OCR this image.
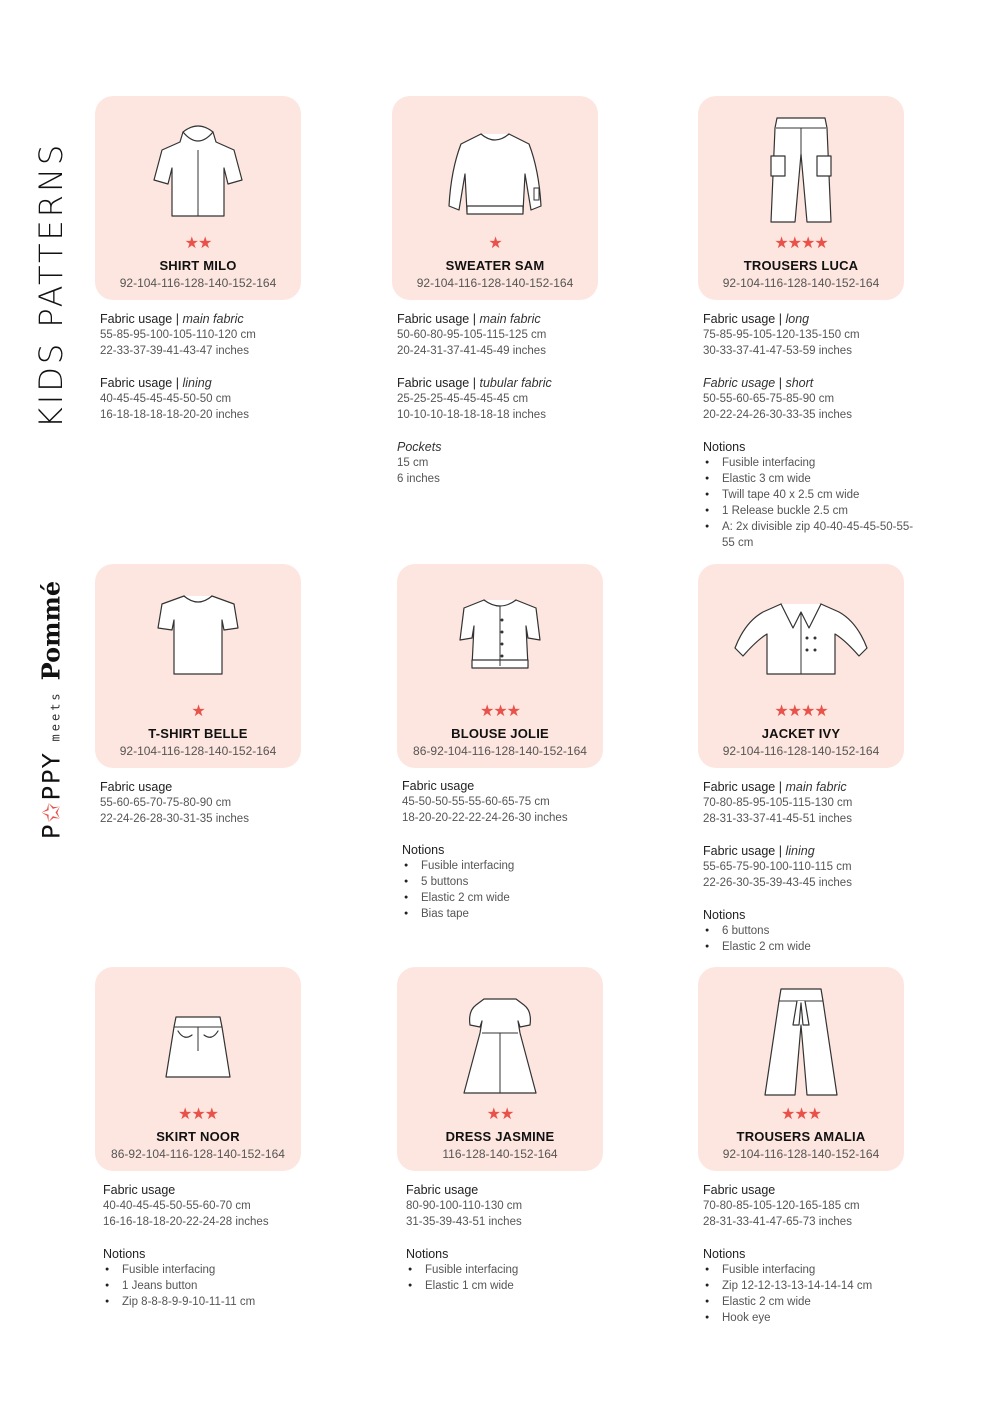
KIDS PATTERNS
P✩PPY
meets
Pommé
★★
SHIRT MILO
92-104-116-128-140-152-164
Fabric usage | main fabric
55-85-95-100-105-110-120 cm
22-33-37-39-41-43-47 inches
Fabric usage | lining
40-45-45-45-45-50-50 cm
16-18-18-18-18-20-20 inches
★
SWEATER SAM
92-104-116-128-140-152-164
Fabric usage | main fabric
50-60-80-95-105-115-125 cm
20-24-31-37-41-45-49 inches
Fabric usage | tubular fabric
25-25-25-45-45-45-45 cm
10-10-10-18-18-18-18 inches
Pockets
15 cm
6 inches
★★★★
TROUSERS LUCA
92-104-116-128-140-152-164
Fabric usage | long
75-85-95-105-120-135-150 cm
30-33-37-41-47-53-59 inches
Fabric usage | short
50-55-60-65-75-85-90 cm
20-22-24-26-30-33-35 inches
Notions
● Fusible interfacing
● Elastic 3 cm wide
● Twill tape 40 x 2.5 cm wide
● 1 Release buckle 2.5 cm
● A: 2x divisible zip 40-40-45-45-50-55-55 cm
★
T-SHIRT BELLE
92-104-116-128-140-152-164
Fabric usage
55-60-65-70-75-80-90 cm
22-24-26-28-30-31-35 inches
★★★
BLOUSE JOLIE
86-92-104-116-128-140-152-164
Fabric usage
45-50-50-55-55-60-65-75 cm
18-20-20-22-22-24-26-30 inches
Notions
● Fusible interfacing
● 5 buttons
● Elastic 2 cm wide
● Bias tape
★★★★
JACKET IVY
92-104-116-128-140-152-164
Fabric usage | main fabric
70-80-85-95-105-115-130 cm
28-31-33-37-41-45-51 inches
Fabric usage | lining
55-65-75-90-100-110-115 cm
22-26-30-35-39-43-45 inches
Notions
● 6 buttons
● Elastic 2 cm wide
★★★
SKIRT NOOR
86-92-104-116-128-140-152-164
Fabric usage
40-40-45-45-50-55-60-70 cm
16-16-18-18-20-22-24-28 inches
Notions
● Fusible interfacing
● 1 Jeans button
● Zip 8-8-8-9-9-10-11-11 cm
★★
DRESS JASMINE
116-128-140-152-164
Fabric usage
80-90-100-110-130 cm
31-35-39-43-51 inches
Notions
● Fusible interfacing
● Elastic 1 cm wide
★★★
TROUSERS AMALIA
92-104-116-128-140-152-164
Fabric usage
70-80-85-105-120-165-185 cm
28-31-33-41-47-65-73 inches
Notions
● Fusible interfacing
● Zip 12-12-13-13-14-14-14 cm
● Elastic 2 cm wide
● Hook eye
